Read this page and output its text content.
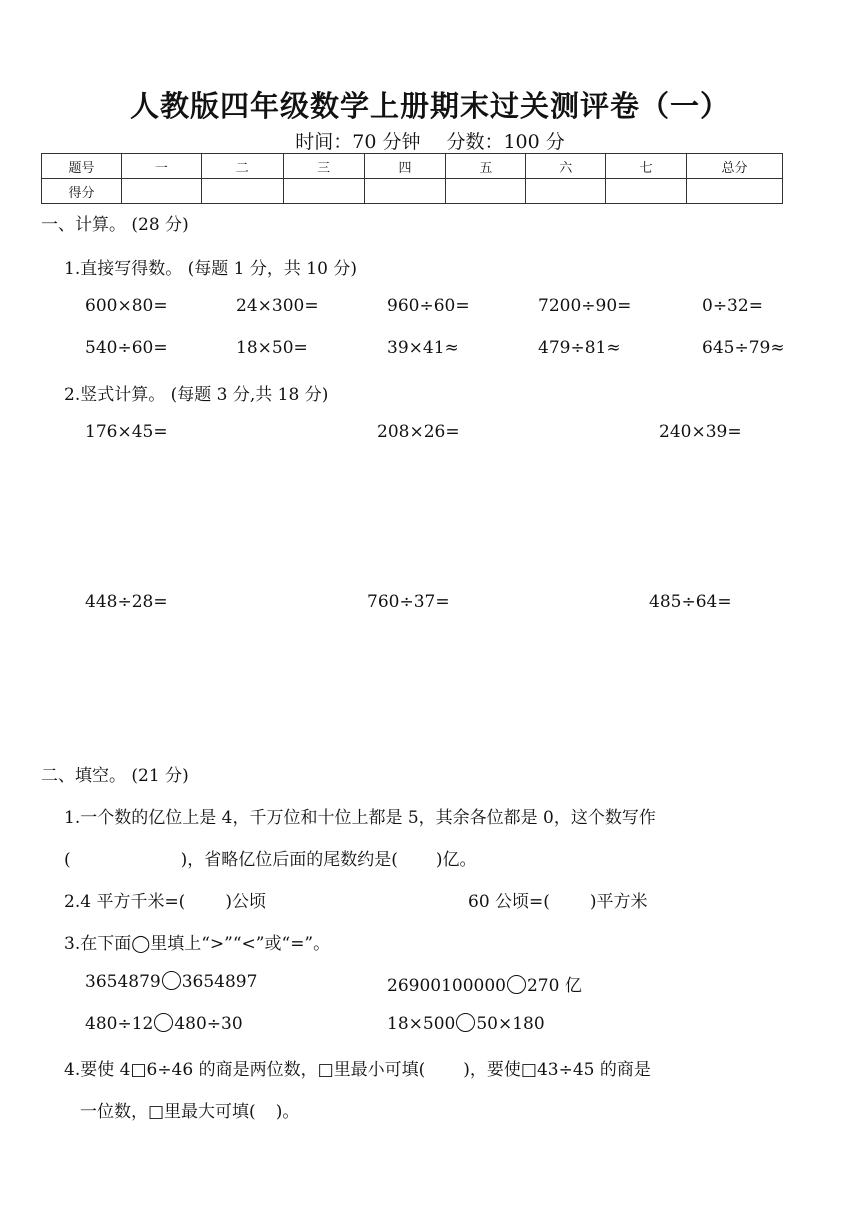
人教版四年级数学上册期末过关测评卷（一）
时间：70 分钟 分数：100 分
题号	一	二	三	四	五	六	七	总分
得分								
一、计算。 (28 分)
1.直接写得数。 (每题 1 分，共 10 分)
600×80=	24×300=	960÷60=	7200÷90=	0÷32=
540÷60=	18×50=	39×41≈	479÷81≈	645÷79≈
2.竖式计算。 (每题 3 分,共 18 分)
176×45=	208×26=	240×39=
448÷28=	760÷37=	485÷64=
二、填空。 (21 分)
1.一个数的亿位上是 4，千万位和十位上都是 5，其余各位都是 0，这个数写作
(	)，省略亿位后面的尾数约是( )亿。
2.4 平方千米=( )公顷	60 公顷=( )平方米
3.在下面◯里填上“>”“<”或“=”。
3654879 3654897	26900100000 270 亿
480÷12 480÷30	18×500 50×180
4.要使 4□6÷46 的商是两位数，□里最小可填( )，要使□43÷45 的商是
一位数，□里最大可填( )。
